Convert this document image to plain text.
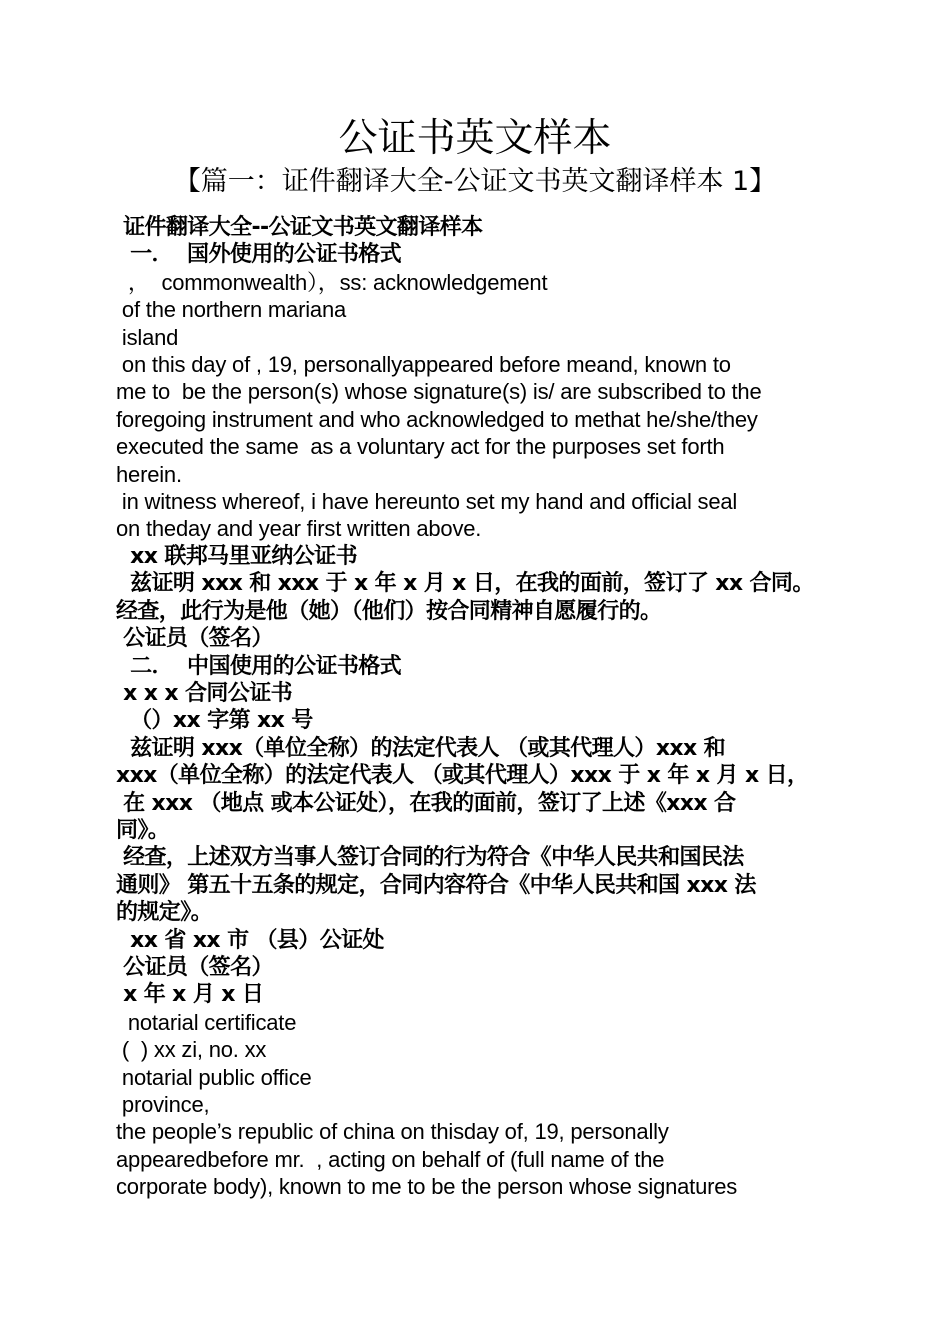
公证书英文样本
【篇一：证件翻译大全-公证文书英文翻译样本 1】

证件翻译大全--公证文书英文翻译样本

一．  国外使用的公证书格式

，  commonwealth），ss: acknowledgement

of the northern mariana

island

on this day of , 19, personallyappeared before meand, known to

me to  be the person(s) whose signature(s) is/ are subscribed to the

foregoing instrument and who acknowledged to methat he/she/they

executed the same  as a voluntary act for the purposes set forth

herein.

in witness whereof, i have hereunto set my hand and official seal

on theday and year first written above.

xx 联邦马里亚纳公证书

兹证明 xxx 和 xxx 于 x 年 x 月 x 日，在我的面前，签订了 xx 合同。

经查，此行为是他（她）（他们）按合同精神自愿履行的。

公证员（签名）

二．  中国使用的公证书格式

x x x 合同公证书

（）xx 字第 xx 号

兹证明 xxx（单位全称）的法定代表人 （或其代理人）xxx 和

xxx（单位全称）的法定代表人 （或其代理人）xxx 于 x 年 x 月 x 日，

在 xxx （地点 或本公证处），在我的面前，签订了上述《xxx 合

同》。

经查，上述双方当事人签订合同的行为符合《中华人民共和国民法

通则》 第五十五条的规定，合同内容符合《中华人民共和国 xxx 法

的规定》。

xx 省 xx 市 （县）公证处

公证员（签名）

x 年 x 月 x 日

notarial certificate

(  ) xx zi, no. xx

notarial public office

province,

the people’s republic of china on thisday of, 19, personally

appearedbefore mr.  , acting on behalf of (full name of the

corporate body), known to me to be the person whose signatures
